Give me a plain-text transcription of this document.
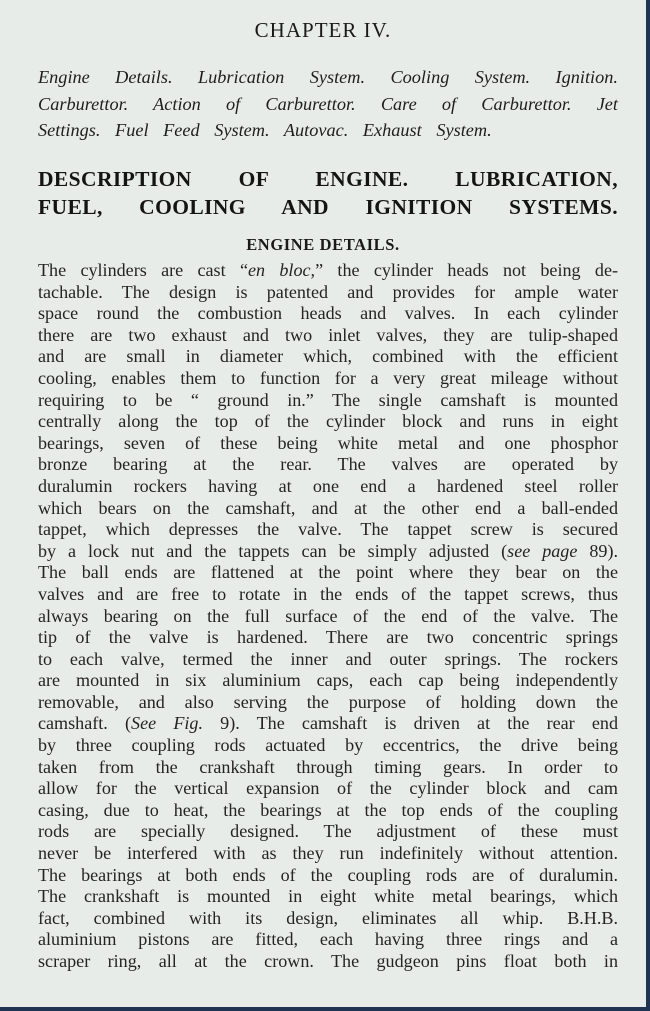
CHAPTER IV.
Engine Details. Lubrication System. Cooling System. Ignition.
Carburettor. Action of Carburettor. Care of Carburettor. Jet
Settings. Fuel Feed System. Autovac. Exhaust System.
DESCRIPTION OF ENGINE. LUBRICATION,
FUEL, COOLING AND IGNITION SYSTEMS.
ENGINE DETAILS.
The cylinders are cast “en bloc,” the cylinder heads not being de-
tachable. The design is patented and provides for ample water
space round the combustion heads and valves. In each cylinder
there are two exhaust and two inlet valves, they are tulip-shaped
and are small in diameter which, combined with the efficient
cooling, enables them to function for a very great mileage without
requiring to be “ ground in.” The single camshaft is mounted
centrally along the top of the cylinder block and runs in eight
bearings, seven of these being white metal and one phosphor
bronze bearing at the rear. The valves are operated by
duralumin rockers having at one end a hardened steel roller
which bears on the camshaft, and at the other end a ball-ended
tappet, which depresses the valve. The tappet screw is secured
by a lock nut and the tappets can be simply adjusted (see page 89).
The ball ends are flattened at the point where they bear on the
valves and are free to rotate in the ends of the tappet screws, thus
always bearing on the full surface of the end of the valve. The
tip of the valve is hardened. There are two concentric springs
to each valve, termed the inner and outer springs. The rockers
are mounted in six aluminium caps, each cap being independently
removable, and also serving the purpose of holding down the
camshaft. (See Fig. 9). The camshaft is driven at the rear end
by three coupling rods actuated by eccentrics, the drive being
taken from the crankshaft through timing gears. In order to
allow for the vertical expansion of the cylinder block and cam
casing, due to heat, the bearings at the top ends of the coupling
rods are specially designed. The adjustment of these must
never be interfered with as they run indefinitely without attention.
The bearings at both ends of the coupling rods are of duralumin.
The crankshaft is mounted in eight white metal bearings, which
fact, combined with its design, eliminates all whip. B.H.B.
aluminium pistons are fitted, each having three rings and a
scraper ring, all at the crown. The gudgeon pins float both in
